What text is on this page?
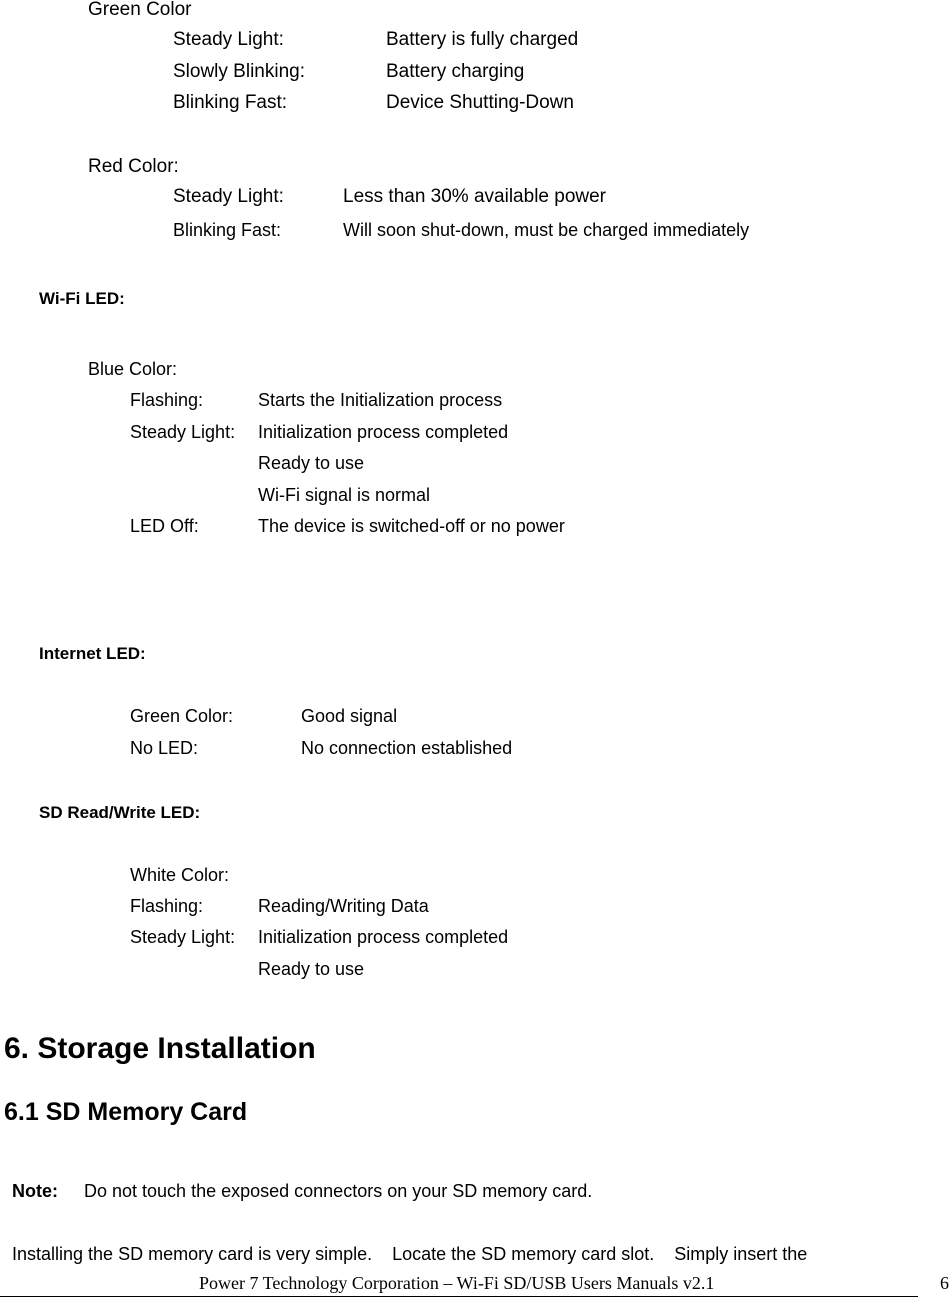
Green Color
Steady Light:	Battery is fully charged
Slowly Blinking:	Battery charging
Blinking Fast:	Device Shutting-Down
Red Color:
Steady Light:	Less than 30% available power
Blinking Fast:	Will soon shut-down, must be charged immediately
Wi-Fi LED:
Blue Color:
Flashing:	Starts the Initialization process
Steady Light: Initialization process completed
Ready to use
Wi-Fi signal is normal
LED Off:	The device is switched-off or no power
Internet LED:
Green Color:	Good signal
No LED:	No connection established
SD Read/Write LED:
White Color:
Flashing:	Reading/Writing Data
Steady Light: Initialization process completed
Ready to use
6. Storage Installation
6.1 SD Memory Card
Note: Do not touch the exposed connectors on your SD memory card.
Installing the SD memory card is very simple.    Locate the SD memory card slot.    Simply insert the
Power 7 Technology Corporation – Wi-Fi SD/USB Users Manuals v2.1	6
